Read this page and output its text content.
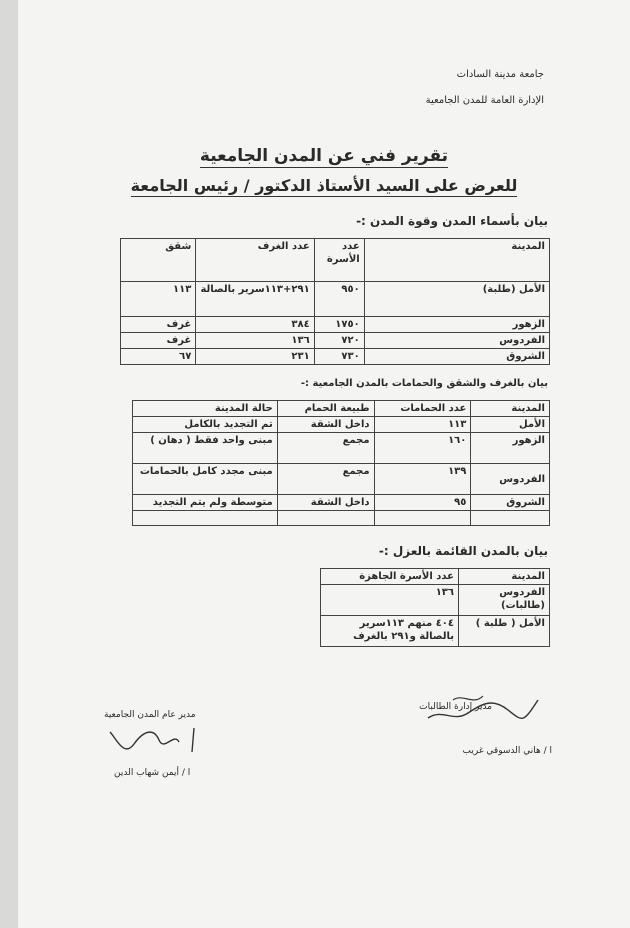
جامعة مدينة السادات
الإدارة العامة للمدن الجامعية
تقرير فني عن المدن الجامعية
للعرض على السيد الأستاذ الدكتور / رئيس الجامعة
بيان بأسماء المدن وقوة المدن :-
المدينة	عدد الأسرة	عدد الغرف	شقق
الأمل (طلبة)	٩٥٠	٢٩١+١١٣سرير بالصالة	١١٣
الزهور	١٧٥٠	٣٨٤	غرف
الفردوس	٧٢٠	١٣٦	غرف
الشروق	٧٣٠	٢٣١	٦٧
بيان بالغرف والشقق والحمامات بالمدن الجامعية :-
المدينة	عدد الحمامات	طبيعة الحمام	حالة المدينة
الأمل	١١٣	داخل الشقة	تم التجديد بالكامل
الزهور	١٦٠	مجمع	مبنى واحد فقط ( دهان )
الفردوس	١٣٩	مجمع	مبنى مجدد كامل بالحمامات
الشروق	٩٥	داخل الشقة	متوسطة ولم يتم التجديد

بيان بالمدن القائمة بالعزل :-
المدينة	عدد الأسرة الجاهزة
الفردوس (طالبات)	١٣٦
الأمل ( طلبة )	٤٠٤ منهم ١١٣سرير بالصالة و٢٩١ بالغرف
مدير إدارة الطالبات
ا / هاني الدسوقي غريب
مدير عام المدن الجامعية
ا / أيمن شهاب الدين
